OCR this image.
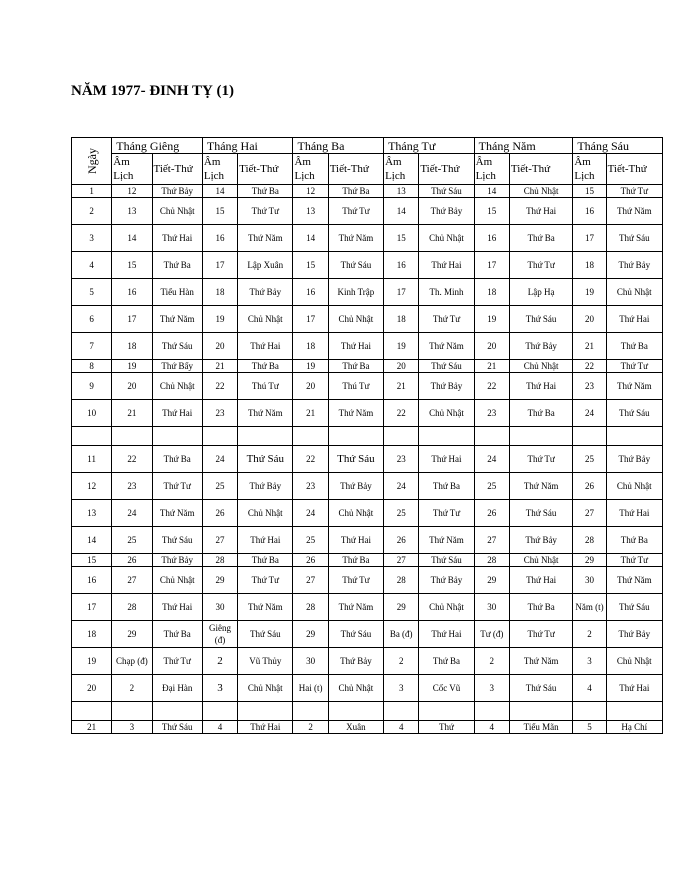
NĂM 1977- ĐINH TỴ (1)
Ngày	Tháng Giêng		Tháng Hai		Tháng Ba		Tháng Tư		Tháng Năm		Tháng Sáu	
	Âm Lịch	Tiết-Thứ	Âm Lịch	Tiết-Thứ	Âm Lịch	Tiết-Thứ	Âm Lịch	Tiết-Thứ	Âm Lịch	Tiết-Thứ	Âm Lịch	Tiết-Thứ
1	12	Thứ Bảy	14	Thứ Ba	12	Thứ Ba	13	Thứ Sáu	14	Chủ Nhật	15	Thứ Tư
2	13	Chủ Nhật	15	Thứ Tư	13	Thứ Tư	14	Thứ Bảy	15	Thứ Hai	16	Thứ Năm
3	14	Thứ Hai	16	Thứ Năm	14	Thứ Năm	15	Chủ Nhật	16	Thứ Ba	17	Thứ Sáu
4	15	Thứ Ba	17	Lập Xuân	15	Thứ Sáu	16	Thứ Hai	17	Thứ Tư	18	Thứ Bảy
5	16	Tiểu Hàn	18	Thứ Bảy	16	Kinh Trập	17	Th. Minh	18	Lập Hạ	19	Chủ Nhật
6	17	Thứ Năm	19	Chủ Nhật	17	Chủ Nhật	18	Thứ Tư	19	Thứ Sáu	20	Thứ Hai
7	18	Thứ Sáu	20	Thứ Hai	18	Thứ Hai	19	Thứ Năm	20	Thứ Bảy	21	Thứ Ba
8	19	Thứ Bẩy	21	Thứ Ba	19	Thứ Ba	20	Thứ Sáu	21	Chủ Nhật	22	Thứ Tư
9	20	Chủ Nhật	22	Thú Tư	20	Thú Tư	21	Thứ Bảy	22	Thứ Hai	23	Thứ Năm
10	21	Thứ Hai	23	Thứ Năm	21	Thứ Năm	22	Chủ Nhật	23	Thứ Ba	24	Thứ Sáu

11	22	Thứ Ba	24	Thứ Sáu	22	Thứ Sáu	23	Thứ Hai	24	Thứ Tư	25	Thứ Bảy
12	23	Thứ Tư	25	Thứ Bảy	23	Thứ Bảy	24	Thứ Ba	25	Thứ Năm	26	Chủ Nhật
13	24	Thứ Năm	26	Chủ Nhật	24	Chủ Nhật	25	Thứ Tư	26	Thứ Sáu	27	Thứ Hai
14	25	Thứ Sáu	27	Thứ Hai	25	Thứ Hai	26	Thứ Năm	27	Thứ Bảy	28	Thứ Ba
15	26	Thứ Bảy	28	Thứ Ba	26	Thứ Ba	27	Thứ Sáu	28	Chủ Nhật	29	Thứ Tư
16	27	Chủ Nhật	29	Thứ Tư	27	Thứ Tư	28	Thứ Bảy	29	Thứ Hai	30	Thứ Năm
17	28	Thứ Hai	30	Thứ Năm	28	Thứ Năm	29	Chủ Nhật	30	Thứ Ba	Năm (t)	Thứ Sáu
18	29	Thứ Ba	Giêng (đ)	Thứ Sáu	29	Thứ Sáu	Ba (đ)	Thứ Hai	Tư (đ)	Thứ Tư	2	Thứ Bảy
19	Chạp (đ)	Thứ Tư	2	Vũ Thủy	30	Thứ Bảy	2	Thứ Ba	2	Thứ Năm	3	Chủ Nhật
20	2	Đại Hàn	3	Chủ Nhật	Hai (t)	Chủ Nhật	3	Cốc Vũ	3	Thứ Sáu	4	Thứ Hai

21	3	Thứ Sáu	4	Thứ Hai	2	Xuân	4	Thứ	4	Tiểu Mãn	5	Hạ Chí
